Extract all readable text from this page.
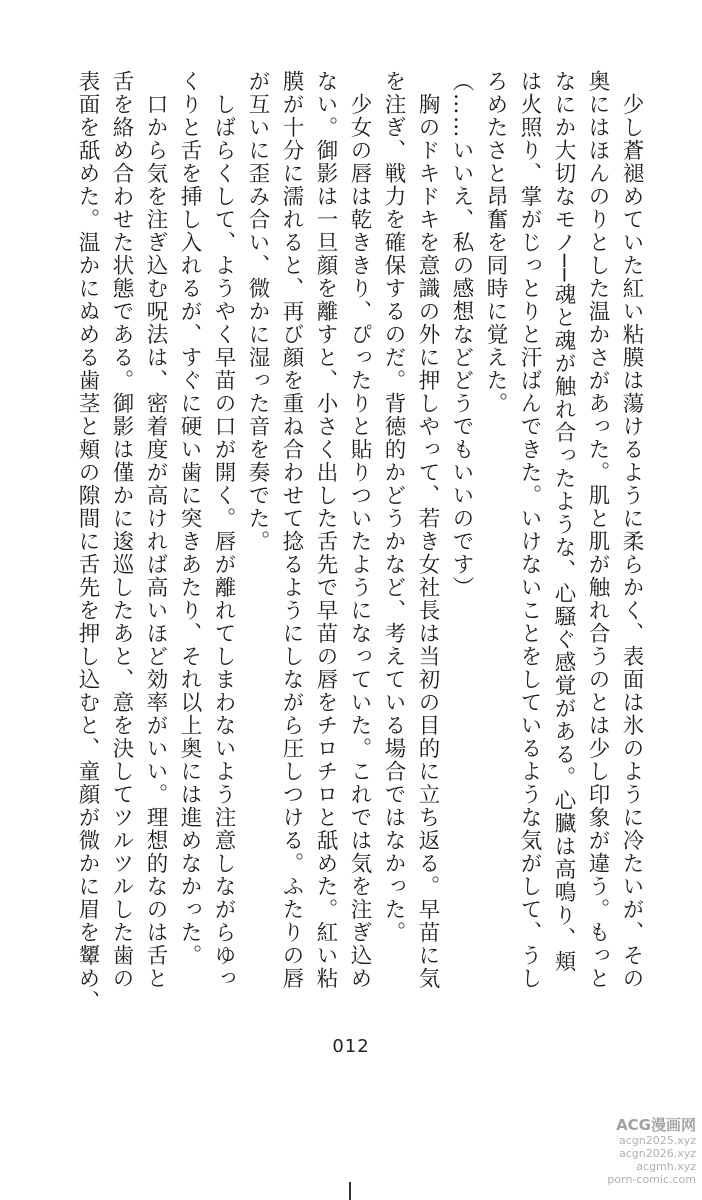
　少し蒼褪めていた紅い粘膜は蕩けるように柔らかく、表面は氷のように冷たいが、その
奥にはほんのりとした温かさがあった。肌と肌が触れ合うのとは少し印象が違う。もっと
なにか大切なモノ──魂と魂が触れ合ったような、心騒ぐ感覚がある。心臓は高鳴り、頬
は火照り、掌がじっとりと汗ばんできた。いけないことをしているような気がして、うし
ろめたさと昂奮を同時に覚えた。
（……いいえ、私の感想などどうでもいいのです）
　胸のドキドキを意識の外に押しやって、若き女社長は当初の目的に立ち返る。早苗に気
を注ぎ、戦力を確保するのだ。背徳的かどうかなど、考えている場合ではなかった。
　少女の唇は乾ききり、ぴったりと貼りついたようになっていた。これでは気を注ぎ込め
ない。御影は一旦顔を離すと、小さく出した舌先で早苗の唇をチロチロと舐めた。紅い粘
膜が十分に濡れると、再び顔を重ね合わせて捻るようにしながら圧しつける。ふたりの唇
が互いに歪み合い、微かに湿った音を奏でた。
　しばらくして、ようやく早苗の口が開く。唇が離れてしまわないよう注意しながらゆっ
くりと舌を挿し入れるが、すぐに硬い歯に突きあたり、それ以上奥には進めなかった。
　口から気を注ぎ込む呪法は、密着度が高ければ高いほど効率がいい。理想的なのは舌と
舌を絡め合わせた状態である。御影は僅かに逡巡したあと、意を決してツルツルした歯の
表面を舐めた。温かにぬめる歯茎と頬の隙間に舌先を押し込むと、童顔が微かに眉を顰め、
012
ACG漫画网
acgn2025.xyz
acgn2026.xyz
acgmh.xyz
porn-comic.com
